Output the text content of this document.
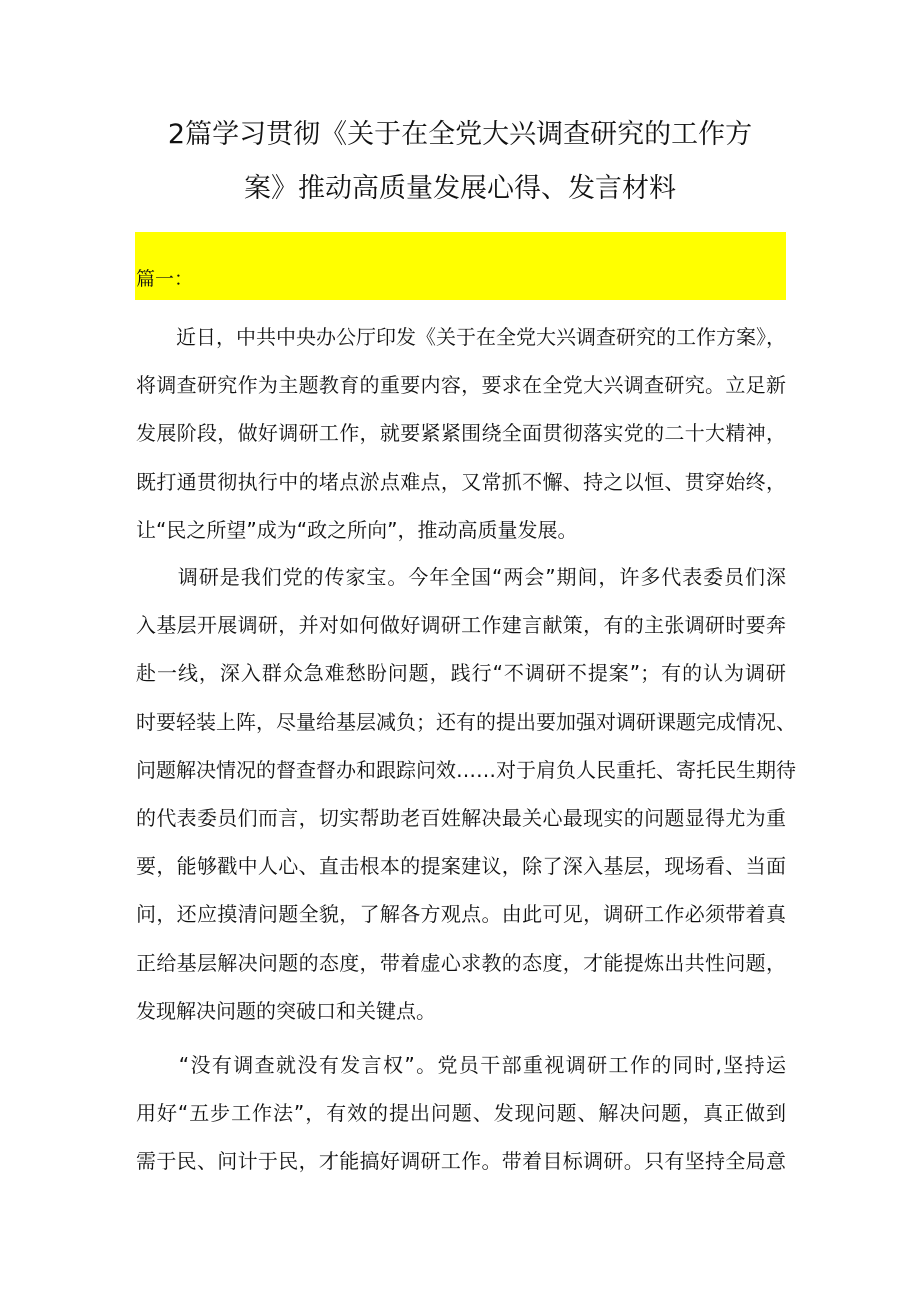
2篇学习贯彻《关于在全党大兴调查研究的工作方
案》推动高质量发展心得、发言材料

篇一：

　　近日，中共中央办公厅印发《关于在全党大兴调查研究的工作方案》，
将调查研究作为主题教育的重要内容，要求在全党大兴调查研究。立足新
发展阶段，做好调研工作，就要紧紧围绕全面贯彻落实党的二十大精神，
既打通贯彻执行中的堵点淤点难点，又常抓不懈、持之以恒、贯穿始终，
让“民之所望”成为“政之所向”，推动高质量发展。
　　调研是我们党的传家宝。今年全国“两会”期间，许多代表委员们深
入基层开展调研，并对如何做好调研工作建言献策，有的主张调研时要奔
赴一线，深入群众急难愁盼问题，践行“不调研不提案”；有的认为调研
时要轻装上阵，尽量给基层减负；还有的提出要加强对调研课题完成情况、
问题解决情况的督查督办和跟踪问效……对于肩负人民重托、寄托民生期待
的代表委员们而言，切实帮助老百姓解决最关心最现实的问题显得尤为重
要，能够戳中人心、直击根本的提案建议，除了深入基层，现场看、当面
问，还应摸清问题全貌，了解各方观点。由此可见，调研工作必须带着真
正给基层解决问题的态度，带着虚心求教的态度，才能提炼出共性问题，
发现解决问题的突破口和关键点。
　　“没有调查就没有发言权”。党员干部重视调研工作的同时,坚持运
用好“五步工作法”，有效的提出问题、发现问题、解决问题，真正做到
需于民、问计于民，才能搞好调研工作。带着目标调研。只有坚持全局意
